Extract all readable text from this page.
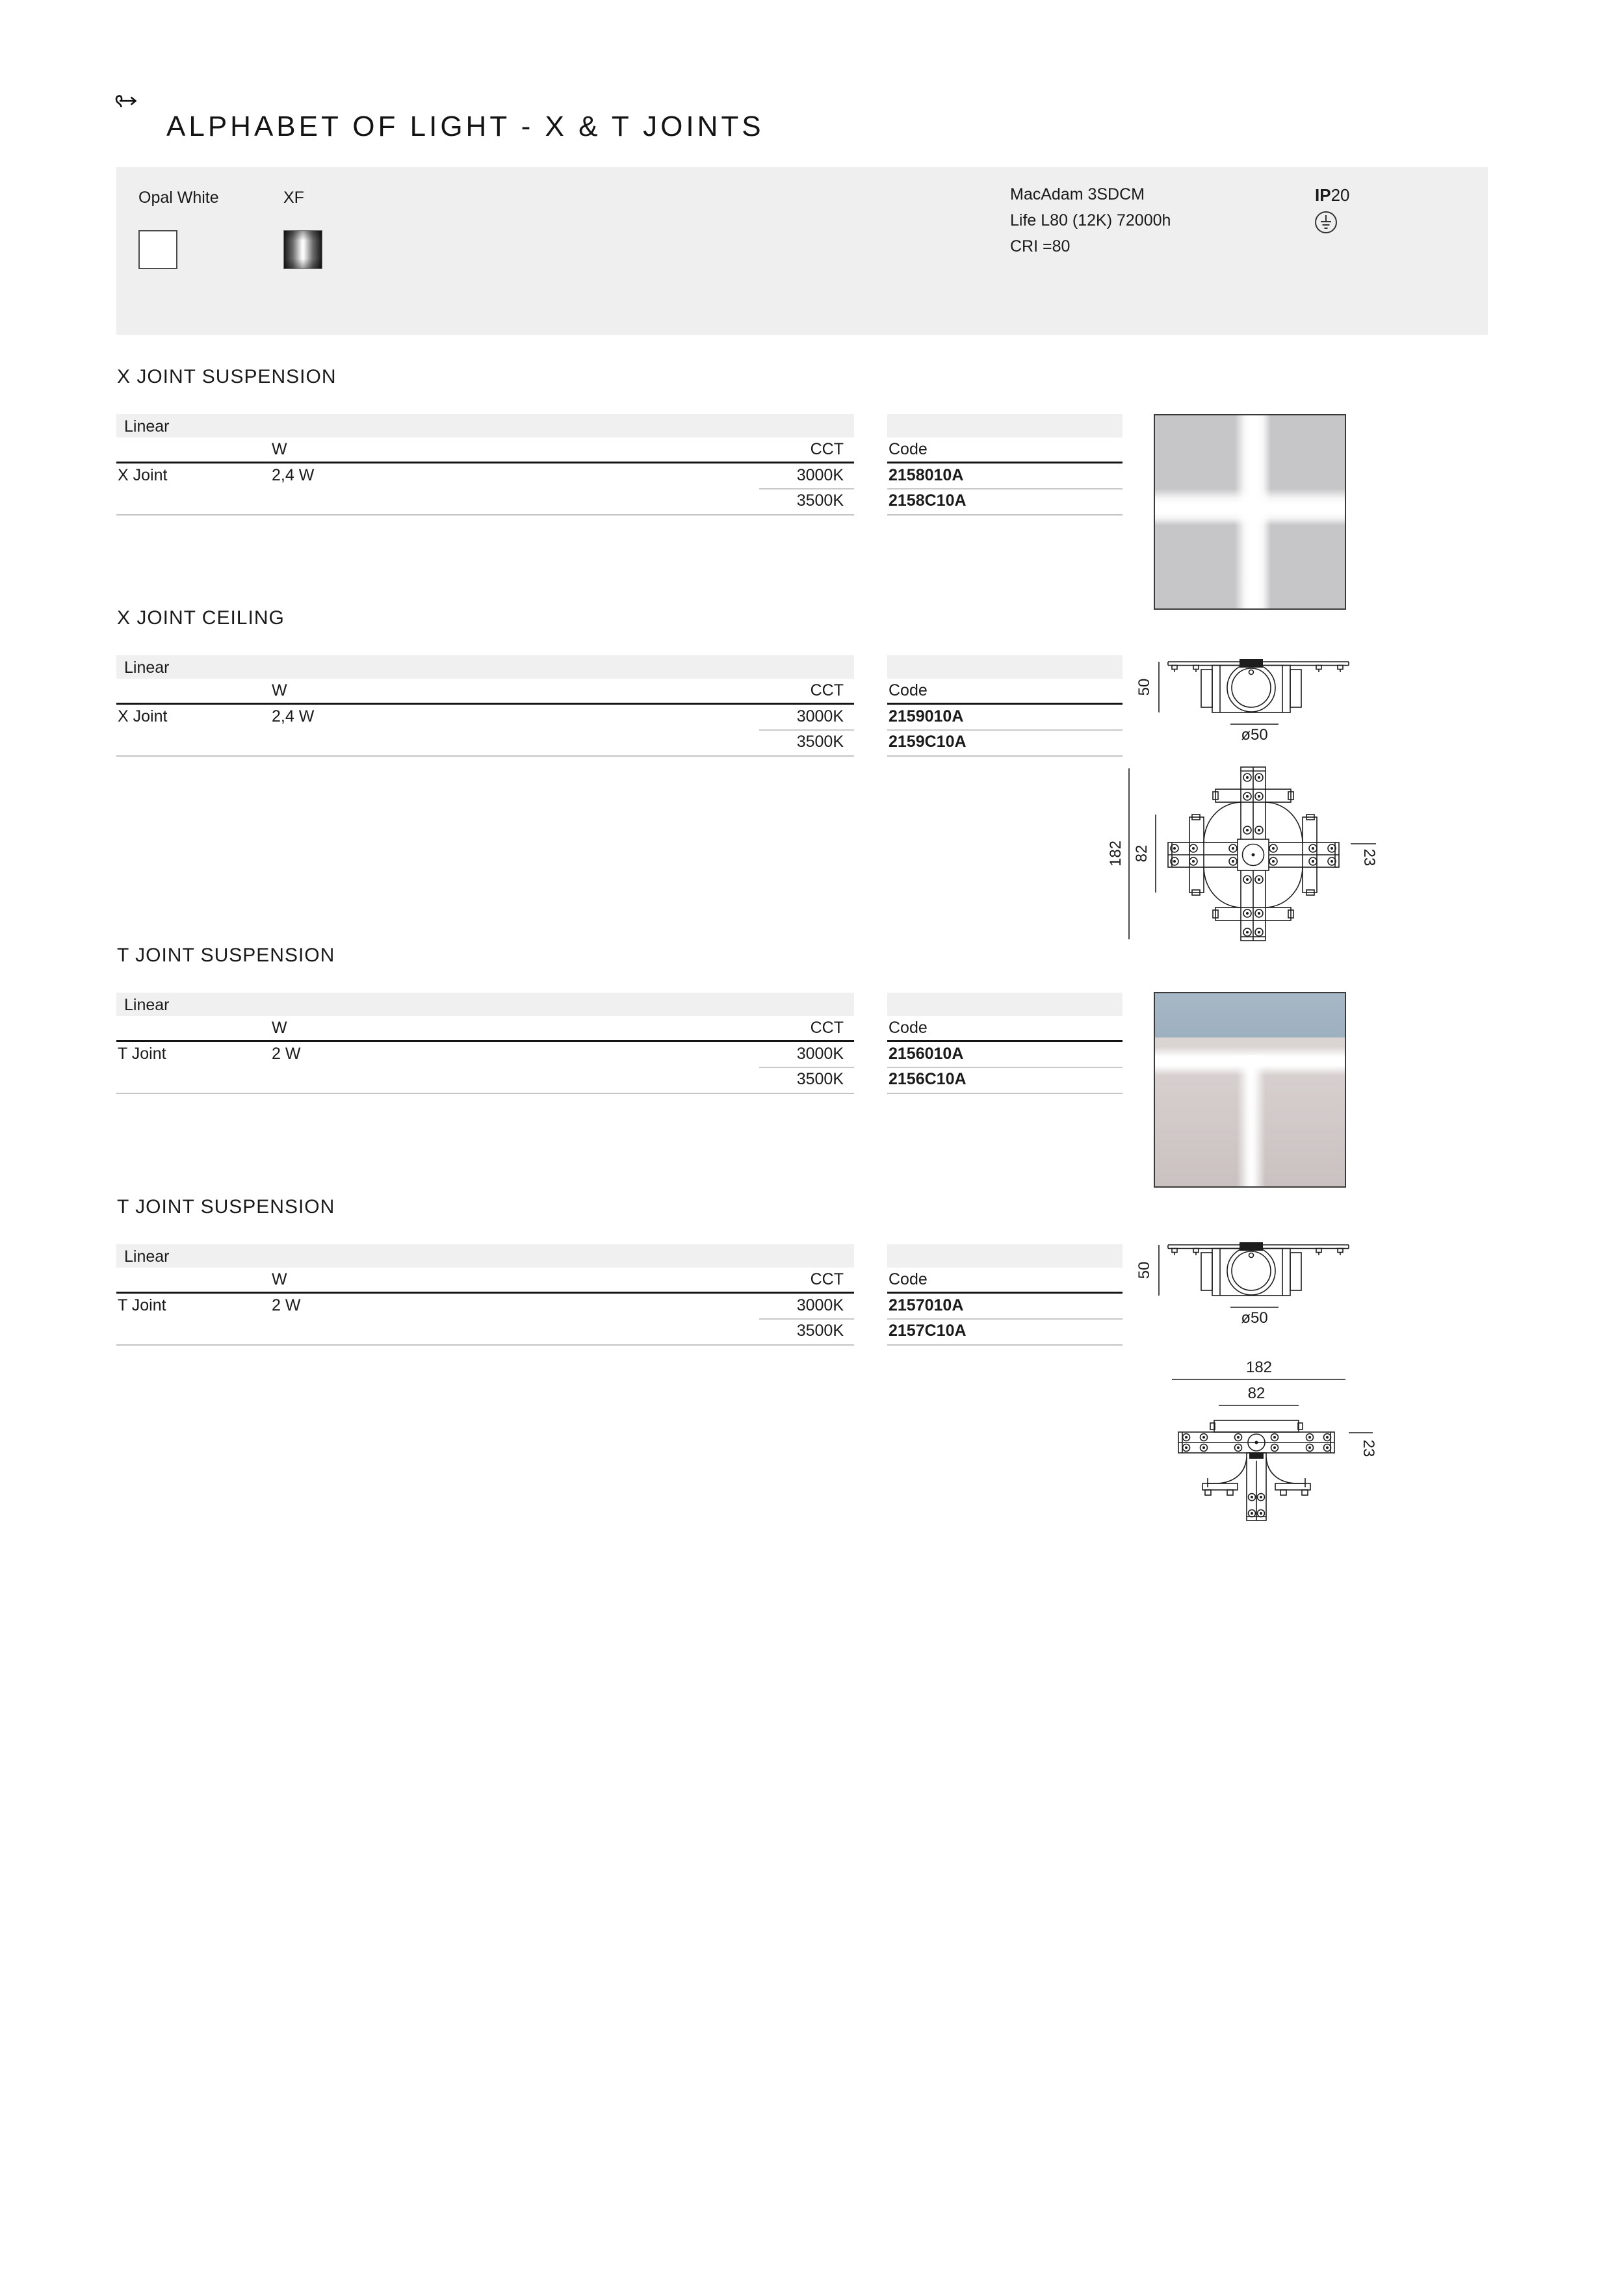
ALPHABET OF LIGHT - X & T JOINTS
Opal White	XF	MacAdam 3SDCM
Life L80 (12K) 72000h
CRI =80
IP20
X JOINT SUSPENSION
Linear
W	CCT	Code
X Joint	2,4 W	3000K	2158010A
3500K	2158C10A
X JOINT CEILING
Linear
W	CCT	Code
X Joint	2,4 W	3000K	2159010A
3500K	2159C10A
50
ø50
182 82	23
T JOINT SUSPENSION
Linear
W	CCT	Code
T Joint	2 W	3000K	2156010A
3500K	2156C10A
T JOINT SUSPENSION
Linear
W	CCT	Code
T Joint	2 W	3000K	2157010A
3500K	2157C10A
50
ø50
182
82
23
